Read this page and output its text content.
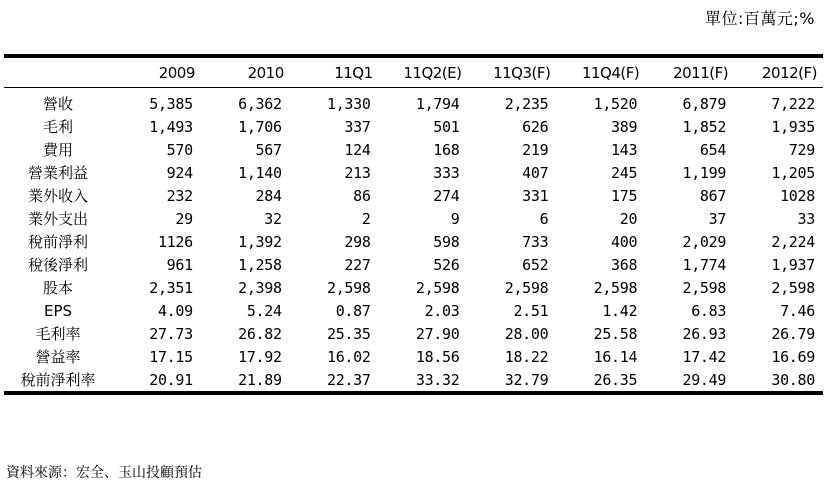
單位:百萬元;%
	2009	2010	11Q1	11Q2(E)	11Q3(F)	11Q4(F)	2011(F)	2012(F)
營收	5,385	6,362	1,330	1,794	2,235	1,520	6,879	7,222
毛利	1,493	1,706	337	501	626	389	1,852	1,935
費用	570	567	124	168	219	143	654	729
營業利益	924	1,140	213	333	407	245	1,199	1,205
業外收入	232	284	86	274	331	175	867	1028
業外支出	29	32	2	9	6	20	37	33
稅前淨利	1126	1,392	298	598	733	400	2,029	2,224
稅後淨利	961	1,258	227	526	652	368	1,774	1,937
股本	2,351	2,398	2,598	2,598	2,598	2,598	2,598	2,598
EPS	4.09	5.24	0.87	2.03	2.51	1.42	6.83	7.46
毛利率	27.73	26.82	25.35	27.90	28.00	25.58	26.93	26.79
營益率	17.15	17.92	16.02	18.56	18.22	16.14	17.42	16.69
稅前淨利率	20.91	21.89	22.37	33.32	32.79	26.35	29.49	30.80
資料來源：宏全、玉山投顧預估
